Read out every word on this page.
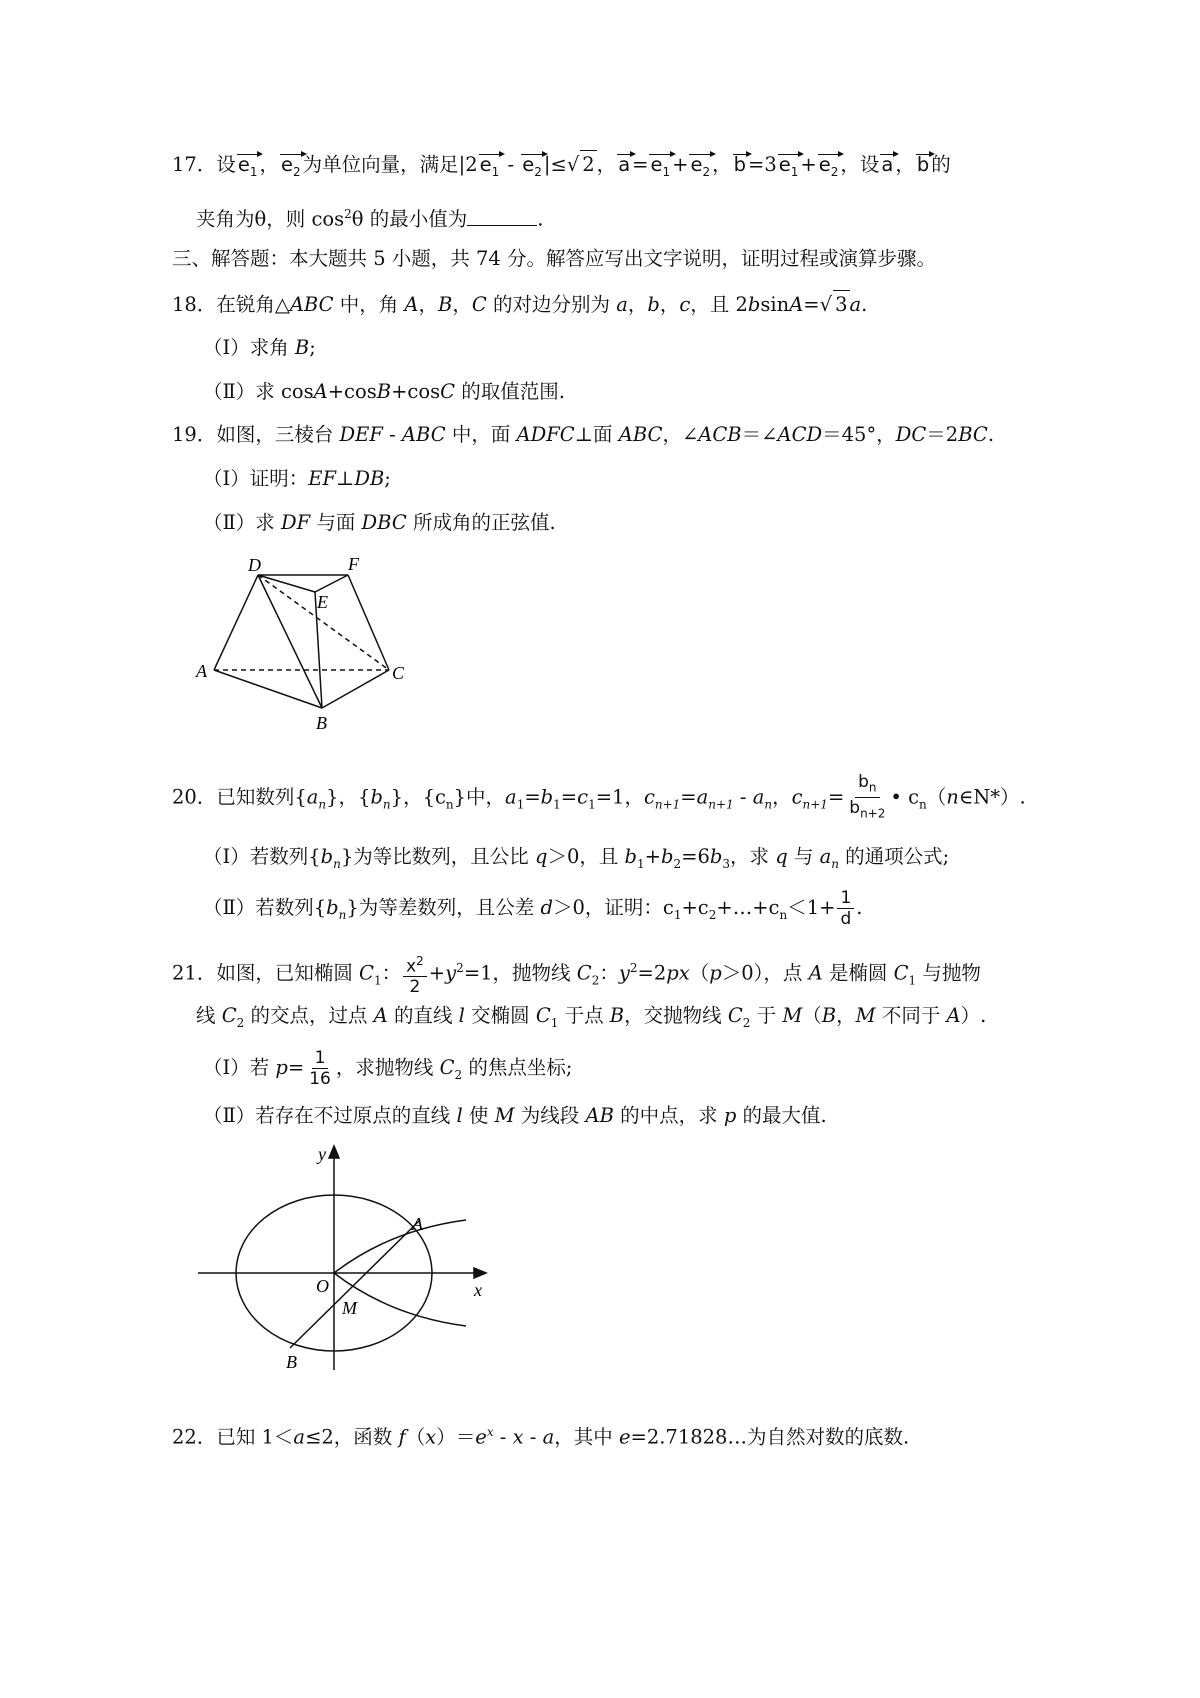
17．设 $e_1$ ， $e_2$ 为单位向量，满足|2 $e_1 - e_2$ |≤√ 2 ， $a = e_1 + e_2$ ， b =3 $e_1 + e_2$ ，设 a ， b 的
夹角为θ，则 $\cos^2\theta$ 的最小值为	.
三、解答题：本大题共 5 小题，共 74 分。解答应写出文字说明，证明过程或演算步骤。
18．在锐角△ABC 中，角 A，B，C 的对边分别为 a，b，c，且 2bsinA=√ 3 a.
（Ⅰ）求角 B;
（Ⅱ）求 cosA+cosB+cosC 的取值范围.
19．如图，三棱台 DEF - ABC 中，面 ADFC⊥面 ABC，∠ACB＝∠ACD＝45°，DC＝2BC.
（Ⅰ）证明：EF⊥DB;
（Ⅱ）求 DF 与面 DBC 所成角的正弦值.
D	F
E
A	C
B
20．已知数列$\{a_n\}$，$\{b_n\}$，$\{c_n\}$中，$a_1=b_1=c_1=1$，$c_{n+1}=a_{n+1} - a_n$，$c_{n+1}= \frac{b_n}{b_{n+2}}$ • $c_n(n\in N*)$.
（Ⅰ）若数列$\{b_n\}$为等比数列，且公比 q＞0，且 $b_1+b_2=6b_3$，求 q 与 $a_n$ 的通项公式;
（Ⅱ）若数列$\{b_n\}$为等差数列，且公差 d＞0，证明：$c_1+c_2+\dots+c_n<1+ \frac{1}{d}$ .
21．如图，已知椭圆 $C_1$： $\frac{x^2}{2} +y^2=1$，抛物线 $C_2$：$y^2=2px(p>0)$，点 A 是椭圆 $C_1$ 与抛物
线 $C_2$ 的交点，过点 A 的直线 l 交椭圆 $C_1$ 于点 B，交抛物线 $C_2$ 于 M（B，M 不同于 A）.
（Ⅰ）若 $p= \frac{1}{16}$ ，求抛物线 $C_2$ 的焦点坐标;
（Ⅱ）若存在不过原点的直线 l 使 M 为线段 AB 的中点，求 p 的最大值.
y
x
O
A
M
B
22．已知 1＜a≤2，函数 $f(x)=e^x - x - a$，其中 e=2.71828…为自然对数的底数.
